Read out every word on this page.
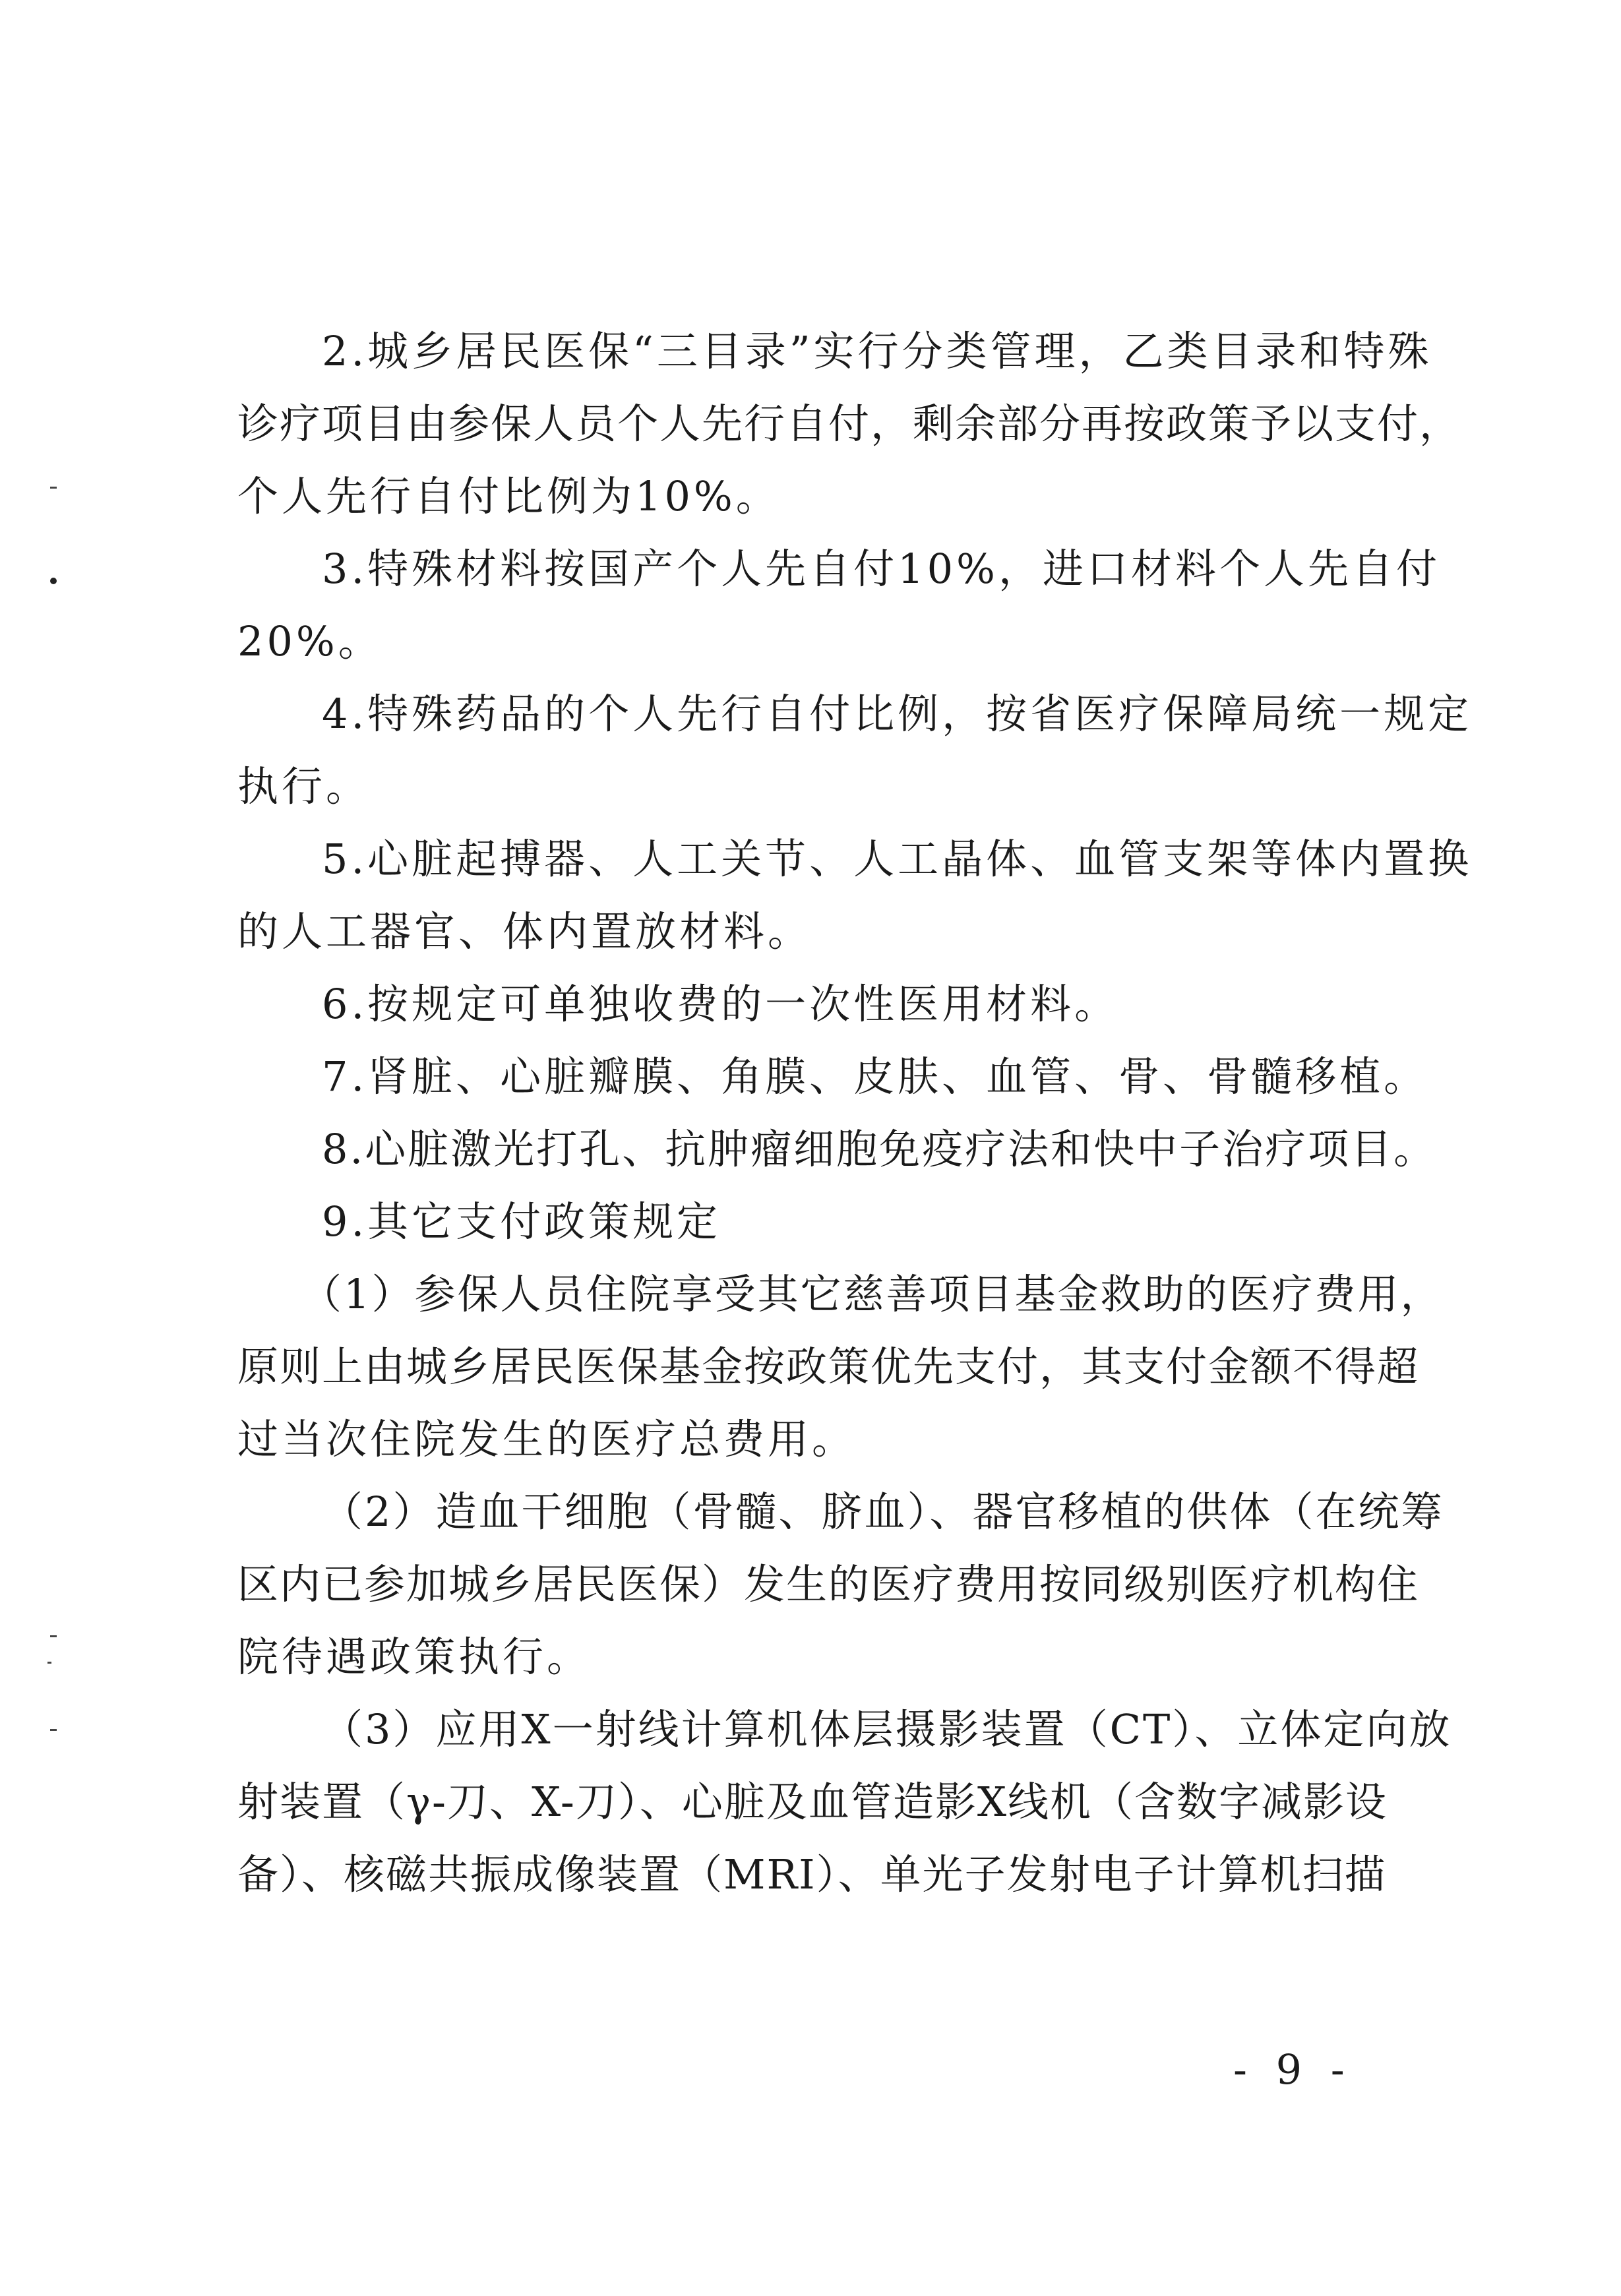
2.城乡居民医保“三目录”实行分类管理，乙类目录和特殊
诊疗项目由参保人员个人先行自付，剩余部分再按政策予以支付，
个人先行自付比例为10%。
3.特殊材料按国产个人先自付10%，进口材料个人先自付
20%。
4.特殊药品的个人先行自付比例，按省医疗保障局统一规定
执行。
5.心脏起搏器、人工关节、人工晶体、血管支架等体内置换
的人工器官、体内置放材料。
6.按规定可单独收费的一次性医用材料。
7.肾脏、心脏瓣膜、角膜、皮肤、血管、骨、骨髓移植。
8.心脏激光打孔、抗肿瘤细胞免疫疗法和快中子治疗项目。
9.其它支付政策规定
（1）参保人员住院享受其它慈善项目基金救助的医疗费用，
原则上由城乡居民医保基金按政策优先支付，其支付金额不得超
过当次住院发生的医疗总费用。
（2）造血干细胞（骨髓、脐血）、器官移植的供体（在统筹
区内已参加城乡居民医保）发生的医疗费用按同级别医疗机构住
院待遇政策执行。
（3）应用X一射线计算机体层摄影装置（CT）、立体定向放
射装置（γ-刀、X-刀）、心脏及血管造影X线机（含数字减影设
备）、核磁共振成像装置（MRI）、单光子发射电子计算机扫描
- 9 -
